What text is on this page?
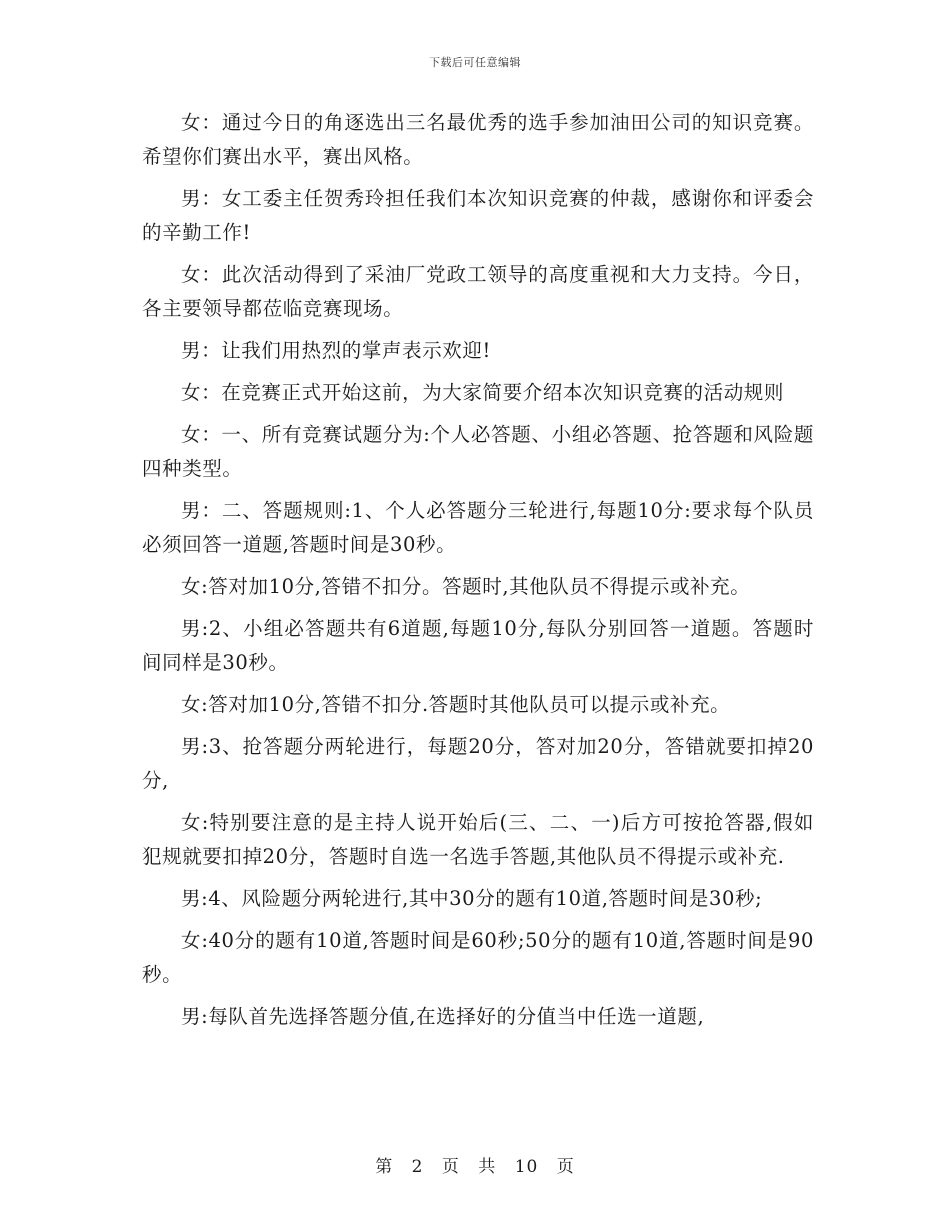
下载后可任意编辑

女：通过今日的角逐选出三名最优秀的选手参加油田公司的知识竞赛。希望你们赛出水平，赛出风格。

男：女工委主任贺秀玲担任我们本次知识竞赛的仲裁，感谢你和评委会的辛勤工作!

女：此次活动得到了采油厂党政工领导的高度重视和大力支持。今日，各主要领导都莅临竞赛现场。

男：让我们用热烈的掌声表示欢迎!

女：在竞赛正式开始这前，为大家简要介绍本次知识竞赛的活动规则

女：一、所有竞赛试题分为:个人必答题、小组必答题、抢答题和风险题四种类型。

男：二、答题规则:1、个人必答题分三轮进行,每题10分:要求每个队员必须回答一道题,答题时间是30秒。

女:答对加10分,答错不扣分。答题时,其他队员不得提示或补充。

男:2、小组必答题共有6道题,每题10分,每队分别回答一道题。答题时间同样是30秒。

女:答对加10分,答错不扣分.答题时其他队员可以提示或补充。

男:3、抢答题分两轮进行，每题20分，答对加20分，答错就要扣掉20分,

女:特别要注意的是主持人说开始后(三、二、一)后方可按抢答器,假如犯规就要扣掉20分，答题时自选一名选手答题,其他队员不得提示或补充.

男:4、风险题分两轮进行,其中30分的题有10道,答题时间是30秒;

女:40分的题有10道,答题时间是60秒;50分的题有10道,答题时间是90秒。

男:每队首先选择答题分值,在选择好的分值当中任选一道题,

第 2 页 共 10 页
